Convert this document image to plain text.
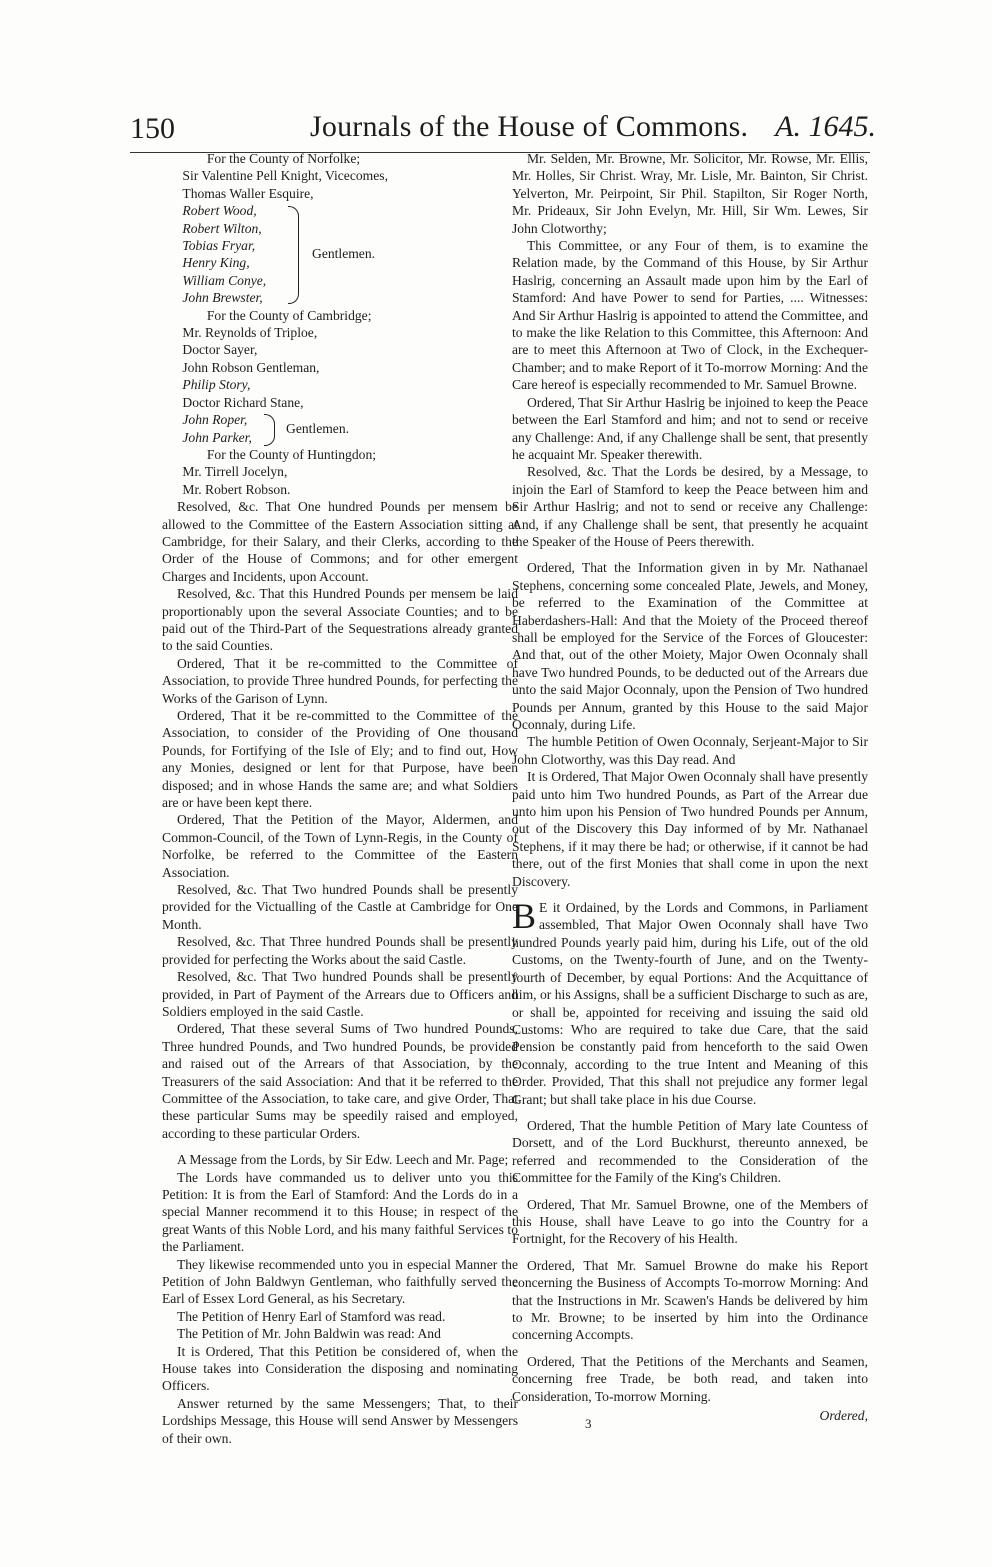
150	Journals of the House of Commons. A. 1645.

For the County of Norfolke;

Sir Valentine Pell Knight, Vicecomes,
Thomas Waller Esquire,
Robert Wood,
Robert Wilton,
Tobias Fryar,
Henry King,
William Conye,
John Brewster,
Gentlemen.

For the County of Cambridge;

Mr. Reynolds of Triploe,
Doctor Sayer,
John Robson Gentleman,
Philip Story,
Doctor Richard Stane,
John Roper,
John Parker,
Gentlemen.

For the County of Huntingdon;

Mr. Tirrell Jocelyn,
Mr. Robert Robson.

Resolved, &c. That One hundred Pounds per mensem be allowed to the Committee of the Eastern Association sitting at Cambridge, for their Salary, and their Clerks, according to the Order of the House of Commons; and for other emergent Charges and Incidents, upon Account.

Resolved, &c. That this Hundred Pounds per mensem be laid proportionably upon the several Associate Counties; and to be paid out of the Third-Part of the Sequestrations already granted to the said Counties.

Ordered, That it be re-committed to the Committee of Association, to provide Three hundred Pounds, for perfecting the Works of the Garison of Lynn.

Ordered, That it be re-committed to the Committee of the Association, to consider of the Providing of One thousand Pounds, for Fortifying of the Isle of Ely; and to find out, How any Monies, designed or lent for that Purpose, have been disposed; and in whose Hands the same are; and what Soldiers are or have been kept there.

Ordered, That the Petition of the Mayor, Aldermen, and Common-Council, of the Town of Lynn-Regis, in the County of Norfolke, be referred to the Committee of the Eastern Association.

Resolved, &c. That Two hundred Pounds shall be presently provided for the Victualling of the Castle at Cambridge for One Month.

Resolved, &c. That Three hundred Pounds shall be presently provided for perfecting the Works about the said Castle.

Resolved, &c. That Two hundred Pounds shall be presently provided, in Part of Payment of the Arrears due to Officers and Soldiers employed in the said Castle.

Ordered, That these several Sums of Two hundred Pounds, Three hundred Pounds, and Two hundred Pounds, be provided and raised out of the Arrears of that Association, by the Treasurers of the said Association: And that it be referred to the Committee of the Association, to take care, and give Order, That these particular Sums may be speedily raised and employed, according to these particular Orders.

A Message from the Lords, by Sir Edw. Leech and Mr. Page;

The Lords have commanded us to deliver unto you this Petition: It is from the Earl of Stamford: And the Lords do in a special Manner recommend it to this House; in respect of the great Wants of this Noble Lord, and his many faithful Services to the Parliament.

They likewise recommended unto you in especial Manner the Petition of John Baldwyn Gentleman, who faithfully served the Earl of Essex Lord General, as his Secretary.

The Petition of Henry Earl of Stamford was read.

The Petition of Mr. John Baldwin was read: And

It is Ordered, That this Petition be considered of, when the House takes into Consideration the disposing and nominating Officers.

Answer returned by the same Messengers; That, to their Lordships Message, this House will send Answer by Messengers of their own.

Mr. Selden, Mr. Browne, Mr. Solicitor, Mr. Rowse, Mr. Ellis, Mr. Holles, Sir Christ. Wray, Mr. Lisle, Mr. Bainton, Sir Christ. Yelverton, Mr. Peirpoint, Sir Phil. Stapilton, Sir Roger North, Mr. Prideaux, Sir John Evelyn, Mr. Hill, Sir Wm. Lewes, Sir John Clotworthy;

This Committee, or any Four of them, is to examine the Relation made, by the Command of this House, by Sir Arthur Haslrig, concerning an Assault made upon him by the Earl of Stamford: And have Power to send for Parties, .... Witnesses: And Sir Arthur Haslrig is appointed to attend the Committee, and to make the like Relation to this Committee, this Afternoon: And are to meet this Afternoon at Two of Clock, in the Exchequer-Chamber; and to make Report of it To-morrow Morning: And the Care hereof is especially recommended to Mr. Samuel Browne.

Ordered, That Sir Arthur Haslrig be injoined to keep the Peace between the Earl Stamford and him; and not to send or receive any Challenge: And, if any Challenge shall be sent, that presently he acquaint Mr. Speaker therewith.

Resolved, &c. That the Lords be desired, by a Message, to injoin the Earl of Stamford to keep the Peace between him and Sir Arthur Haslrig; and not to send or receive any Challenge: And, if any Challenge shall be sent, that presently he acquaint the Speaker of the House of Peers therewith.

Ordered, That the Information given in by Mr. Nathanael Stephens, concerning some concealed Plate, Jewels, and Money, be referred to the Examination of the Committee at Haberdashers-Hall: And that the Moiety of the Proceed thereof shall be employed for the Service of the Forces of Gloucester: And that, out of the other Moiety, Major Owen Oconnaly shall have Two hundred Pounds, to be deducted out of the Arrears due unto the said Major Oconnaly, upon the Pension of Two hundred Pounds per Annum, granted by this House to the said Major Oconnaly, during Life.

The humble Petition of Owen Oconnaly, Serjeant-Major to Sir John Clotworthy, was this Day read. And

It is Ordered, That Major Owen Oconnaly shall have presently paid unto him Two hundred Pounds, as Part of the Arrear due unto him upon his Pension of Two hundred Pounds per Annum, out of the Discovery this Day informed of by Mr. Nathanael Stephens, if it may there be had; or otherwise, if it cannot be had there, out of the first Monies that shall come in upon the next Discovery.

B E it Ordained, by the Lords and Commons, in Parliament assembled, That Major Owen Oconnaly shall have Two hundred Pounds yearly paid him, during his Life, out of the old Customs, on the Twenty-fourth of June, and on the Twenty-fourth of December, by equal Portions: And the Acquittance of him, or his Assigns, shall be a sufficient Discharge to such as are, or shall be, appointed for receiving and issuing the said old Customs: Who are required to take due Care, that the said Pension be constantly paid from henceforth to the said Owen Oconnaly, according to the true Intent and Meaning of this Order. Provided, That this shall not prejudice any former legal Grant; but shall take place in his due Course.

Ordered, That the humble Petition of Mary late Countess of Dorsett, and of the Lord Buckhurst, thereunto annexed, be referred and recommended to the Consideration of the Committee for the Family of the King's Children.

Ordered, That Mr. Samuel Browne, one of the Members of this House, shall have Leave to go into the Country for a Fortnight, for the Recovery of his Health.

Ordered, That Mr. Samuel Browne do make his Report concerning the Business of Accompts To-morrow Morning: And that the Instructions in Mr. Scawen's Hands be delivered by him to Mr. Browne; to be inserted by him into the Ordinance concerning Accompts.

Ordered, That the Petitions of the Merchants and Seamen, concerning free Trade, be both read, and taken into Consideration, To-morrow Morning.

Ordered,
3
